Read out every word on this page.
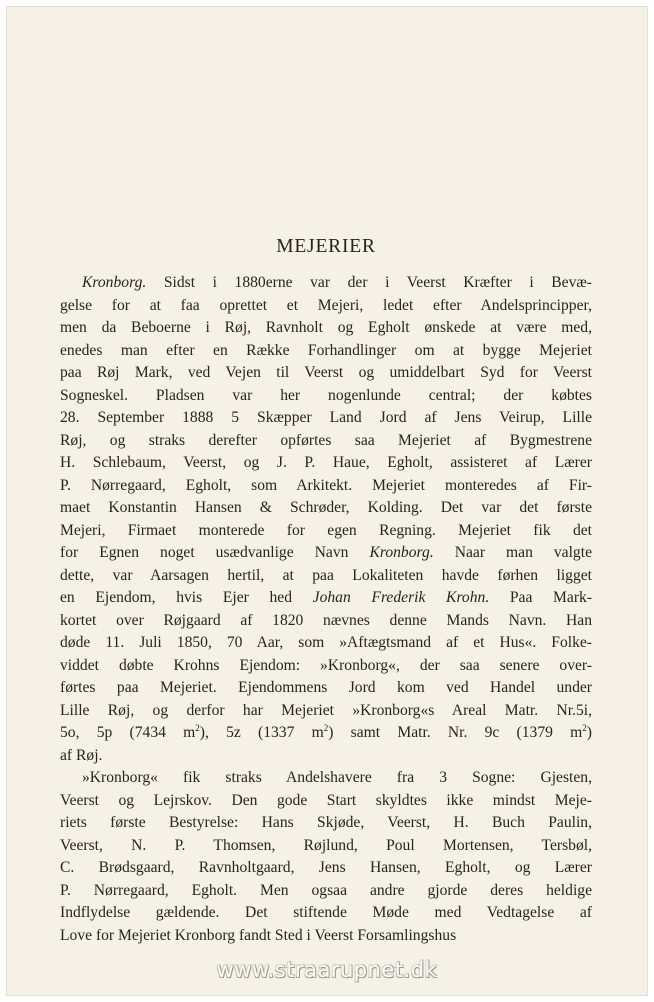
MEJERIER

Kronborg. Sidst i 1880erne var der i Veerst Kræfter i Bevæ-
gelse for at faa oprettet et Mejeri, ledet efter Andelsprincipper,
men da Beboerne i Røj, Ravnholt og Egholt ønskede at være med,
enedes man efter en Række Forhandlinger om at bygge Mejeriet
paa Røj Mark, ved Vejen til Veerst og umiddelbart Syd for Veerst
Sogneskel. Pladsen var her nogenlunde central; der købtes
28. September 1888 5 Skæpper Land Jord af Jens Veirup, Lille
Røj, og straks derefter opførtes saa Mejeriet af Bygmestrene
H. Schlebaum, Veerst, og J. P. Haue, Egholt, assisteret af Lærer
P. Nørregaard, Egholt, som Arkitekt. Mejeriet monteredes af Fir-
maet Konstantin Hansen & Schrøder, Kolding. Det var det første
Mejeri, Firmaet monterede for egen Regning. Mejeriet fik det
for Egnen noget usædvanlige Navn Kronborg. Naar man valgte
dette, var Aarsagen hertil, at paa Lokaliteten havde førhen ligget
en Ejendom, hvis Ejer hed Johan Frederik Krohn. Paa Mark-
kortet over Røjgaard af 1820 nævnes denne Mands Navn. Han
døde 11. Juli 1850, 70 Aar, som »Aftægtsmand af et Hus«. Folke-
viddet døbte Krohns Ejendom: »Kronborg«, der saa senere over-
førtes paa Mejeriet. Ejendommens Jord kom ved Handel under
Lille Røj, og derfor har Mejeriet »Kronborg«s Areal Matr. Nr.5i,
5o, 5p (7434 $m^2$), 5z (1337 $m^2$) samt Matr. Nr. 9c (1379 $m^2$)
af Røj.

»Kronborg« fik straks Andelshavere fra 3 Sogne: Gjesten,
Veerst og Lejrskov. Den gode Start skyldtes ikke mindst Meje-
riets første Bestyrelse: Hans Skjøde, Veerst, H. Buch Paulin,
Veerst, N. P. Thomsen, Røjlund, Poul Mortensen, Tersbøl,
C. Brødsgaard, Ravnholtgaard, Jens Hansen, Egholt, og Lærer
P. Nørregaard, Egholt. Men ogsaa andre gjorde deres heldige
Indflydelse gældende. Det stiftende Møde med Vedtagelse af
Love for Mejeriet Kronborg fandt Sted i Veerst Forsamlingshus

www.straarupnet.dk
